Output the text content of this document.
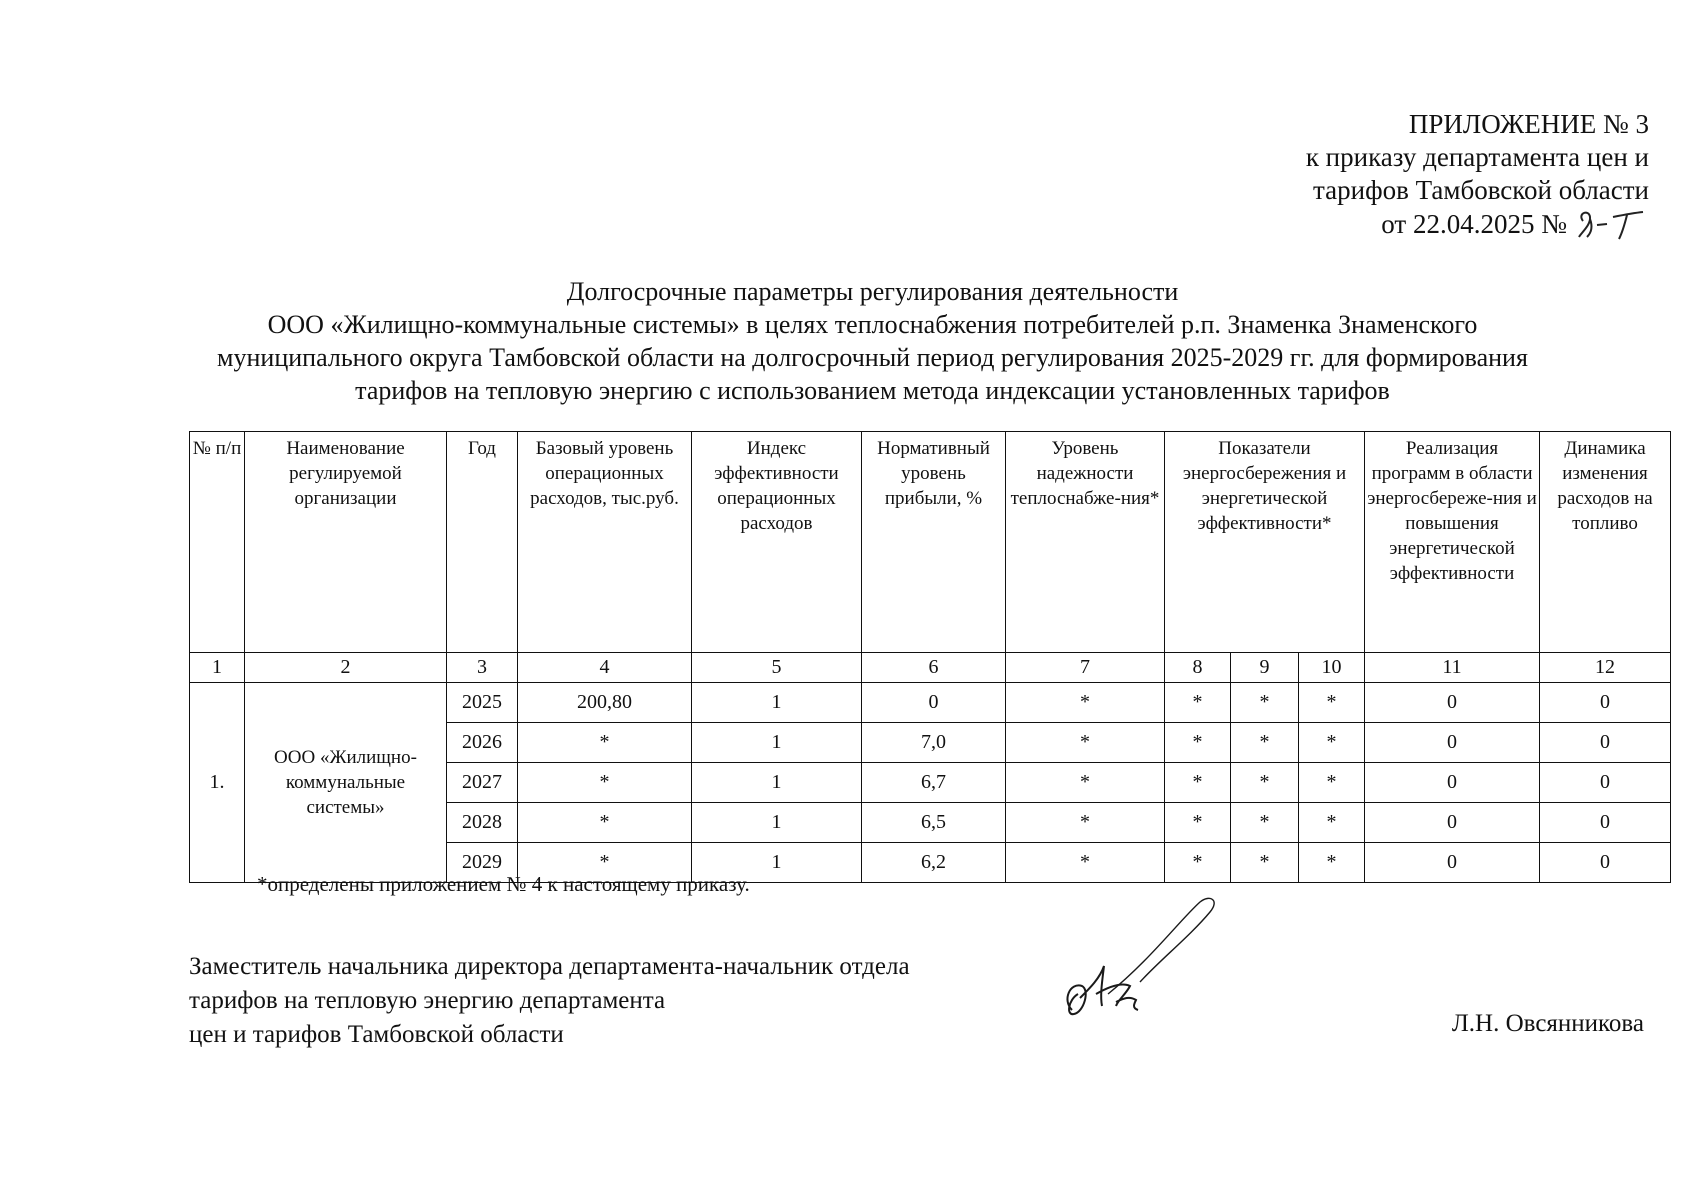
ПРИЛОЖЕНИЕ № 3
к приказу департамента цен и
тарифов Тамбовской области
от 22.04.2025 №
Долгосрочные параметры регулирования деятельности
ООО «Жилищно-коммунальные системы» в целях теплоснабжения потребителей р.п. Знаменка Знаменского
муниципального округа Тамбовской области на долгосрочный период регулирования 2025-2029 гг. для формирования
тарифов на тепловую энергию с использованием метода индексации установленных тарифов
№ п/п	Наименование регулируемой организации	Год	Базовый уровень операционных расходов, тыс.руб.	Индекс эффективности операционных расходов	Нормативный уровень прибыли, %	Уровень надежности теплоснабже-ния*	Показатели энергосбережения и энергетической эффективности*			Реализация программ в области энергосбереже-ния и повышения энергетической эффективности	Динамика изменения расходов на топливо
1	2	3	4	5	6	7	8	9	10	11	12
1.	ООО «Жилищно-коммунальные системы»	2025	200,80	1	0	*	*	*	*	0	0
		2026	*	1	7,0	*	*	*	*	0	0
		2027	*	1	6,7	*	*	*	*	0	0
		2028	*	1	6,5	*	*	*	*	0	0
		2029	*	1	6,2	*	*	*	*	0	0
*определены приложением № 4 к настоящему приказу.
Заместитель начальника директора департамента-начальник отдела
тарифов на тепловую энергию департамента
цен и тарифов Тамбовской области	Л.Н. Овсянникова
